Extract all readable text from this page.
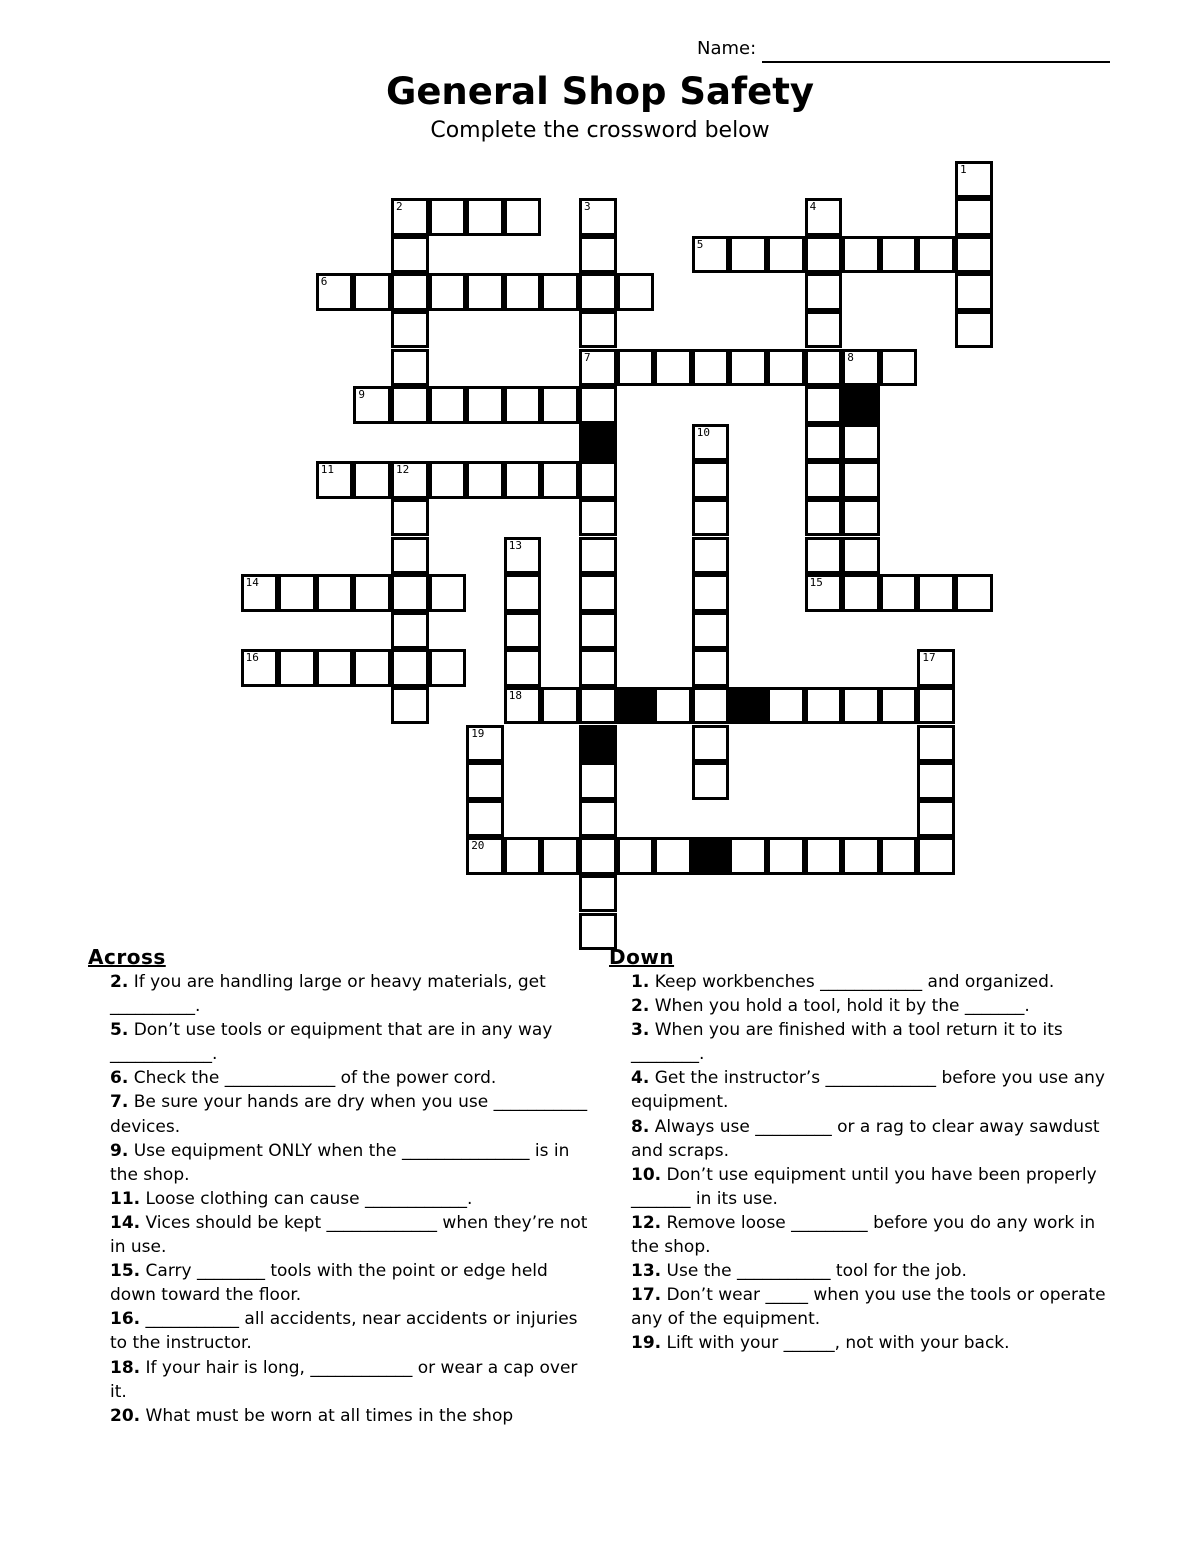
Name:
General Shop Safety
Complete the crossword below
1
2	3
7
4
5
6
8
9
10
11	12
13
14	15
16	17
18
19
20
Across
2. If you are handling large or heavy materials, get __________.
5. Don’t use tools or equipment that are in any way ____________.
6. Check the _____________ of the power cord.
7. Be sure your hands are dry when you use ___________ devices.
9. Use equipment ONLY when the _______________ is in the shop.
11. Loose clothing can cause ____________.
14. Vices should be kept _____________ when they’re not in use.
15. Carry ________ tools with the point or edge held down toward the floor.
16. ___________ all accidents, near accidents or injuries to the instructor.
18. If your hair is long, ____________ or wear a cap over it.
20. What must be worn at all times in the shop
Down
1. Keep workbenches ____________ and organized.
2. When you hold a tool, hold it by the _______.
3. When you are finished with a tool return it to its ________.
4. Get the instructor’s _____________ before you use any equipment.
8. Always use _________ or a rag to clear away sawdust and scraps.
10. Don’t use equipment until you have been properly _______ in its use.
12. Remove loose _________ before you do any work in the shop.
13. Use the ___________ tool for the job.
17. Don’t wear _____ when you use the tools or operate any of the equipment.
19. Lift with your ______, not with your back.
